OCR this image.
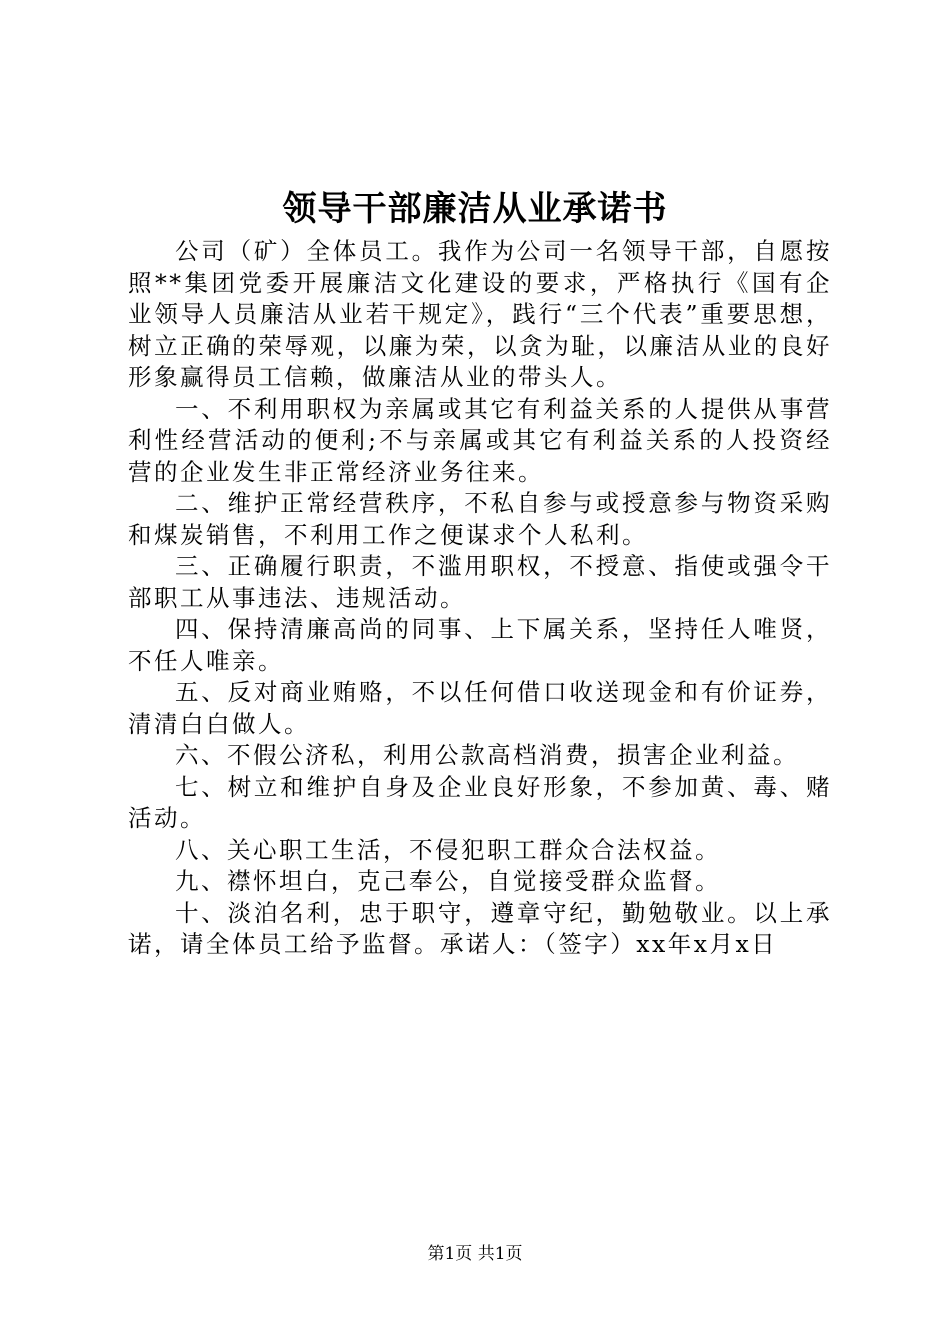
领导干部廉洁从业承诺书

公司（矿）全体员工。我作为公司一名领导干部，自愿按照**集团党委开展廉洁文化建设的要求，严格执行《国有企业领导人员廉洁从业若干规定》，践行“三个代表”重要思想，树立正确的荣辱观，以廉为荣，以贪为耻，以廉洁从业的良好形象赢得员工信赖，做廉洁从业的带头人。

一、不利用职权为亲属或其它有利益关系的人提供从事营利性经营活动的便利;不与亲属或其它有利益关系的人投资经营的企业发生非正常经济业务往来。

二、维护正常经营秩序，不私自参与或授意参与物资采购和煤炭销售，不利用工作之便谋求个人私利。

三、正确履行职责，不滥用职权，不授意、指使或强令干部职工从事违法、违规活动。

四、保持清廉高尚的同事、上下属关系，坚持任人唯贤，不任人唯亲。

五、反对商业贿赂，不以任何借口收送现金和有价证券，清清白白做人。

六、不假公济私，利用公款高档消费，损害企业利益。

七、树立和维护自身及企业良好形象，不参加黄、毒、赌活动。

八、关心职工生活，不侵犯职工群众合法权益。

九、襟怀坦白，克己奉公，自觉接受群众监督。

十、淡泊名利，忠于职守，遵章守纪，勤勉敬业。以上承诺，请全体员工给予监督。承诺人：（签字）xx年x月x日

第1页 共1页
